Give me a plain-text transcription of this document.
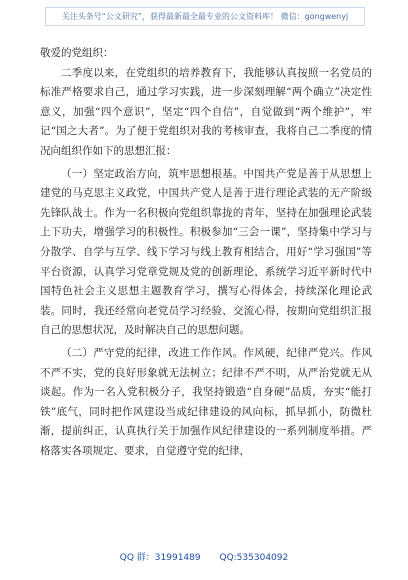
关注头条号“公文研究”，获得最新最全最专业的公文资料库！ 微信：gongwenyj

敬爱的党组织：

二季度以来，在党组织的培养教育下，我能够认真按照一名党员的标准严格要求自己，通过学习实践，进一步深刻理解“两个确立”决定性意义，加强“四个意识”，坚定“四个自信”，自觉做到“两个维护”，牢记“国之大者”。为了便于党组织对我的考核审查，我将自己二季度的情况向组织作如下的思想汇报：

（一）坚定政治方向，筑牢思想根基。中国共产党是善于从思想上建党的马克思主义政党，中国共产党人是善于进行理论武装的无产阶级先锋队战士。作为一名积极向党组织靠拢的青年，坚持在加强理论武装上下功夫，增强学习的积极性。积极参加“三会一课”，坚持集中学习与分散学、自学与互学、线下学习与线上教育相结合，用好“学习强国”等平台资源，认真学习党章党规及党的创新理论，系统学习近平新时代中国特色社会主义思想主题教育学习，撰写心得体会，持续深化理论武装。同时，我还经常向老党员学习经验、交流心得，按期向党组织汇报自己的思想状况，及时解决自己的思想问题。

（二）严守党的纪律，改进工作作风。作风硬，纪律严党兴。作风不严不实，党的良好形象就无法树立；纪律不严不明，从严治党就无从谈起。作为一名入党积极分子，我坚持锻造“自身硬”品质，夯实“能打铁”底气，同时把作风建设当成纪律建设的风向标，抓早抓小，防微杜渐，提前纠正，认真执行关于加强作风纪律建设的一系列制度举措。严格落实各项规定、要求，自觉遵守党的纪律，

QQ 群：31991489 QQ:535304092
